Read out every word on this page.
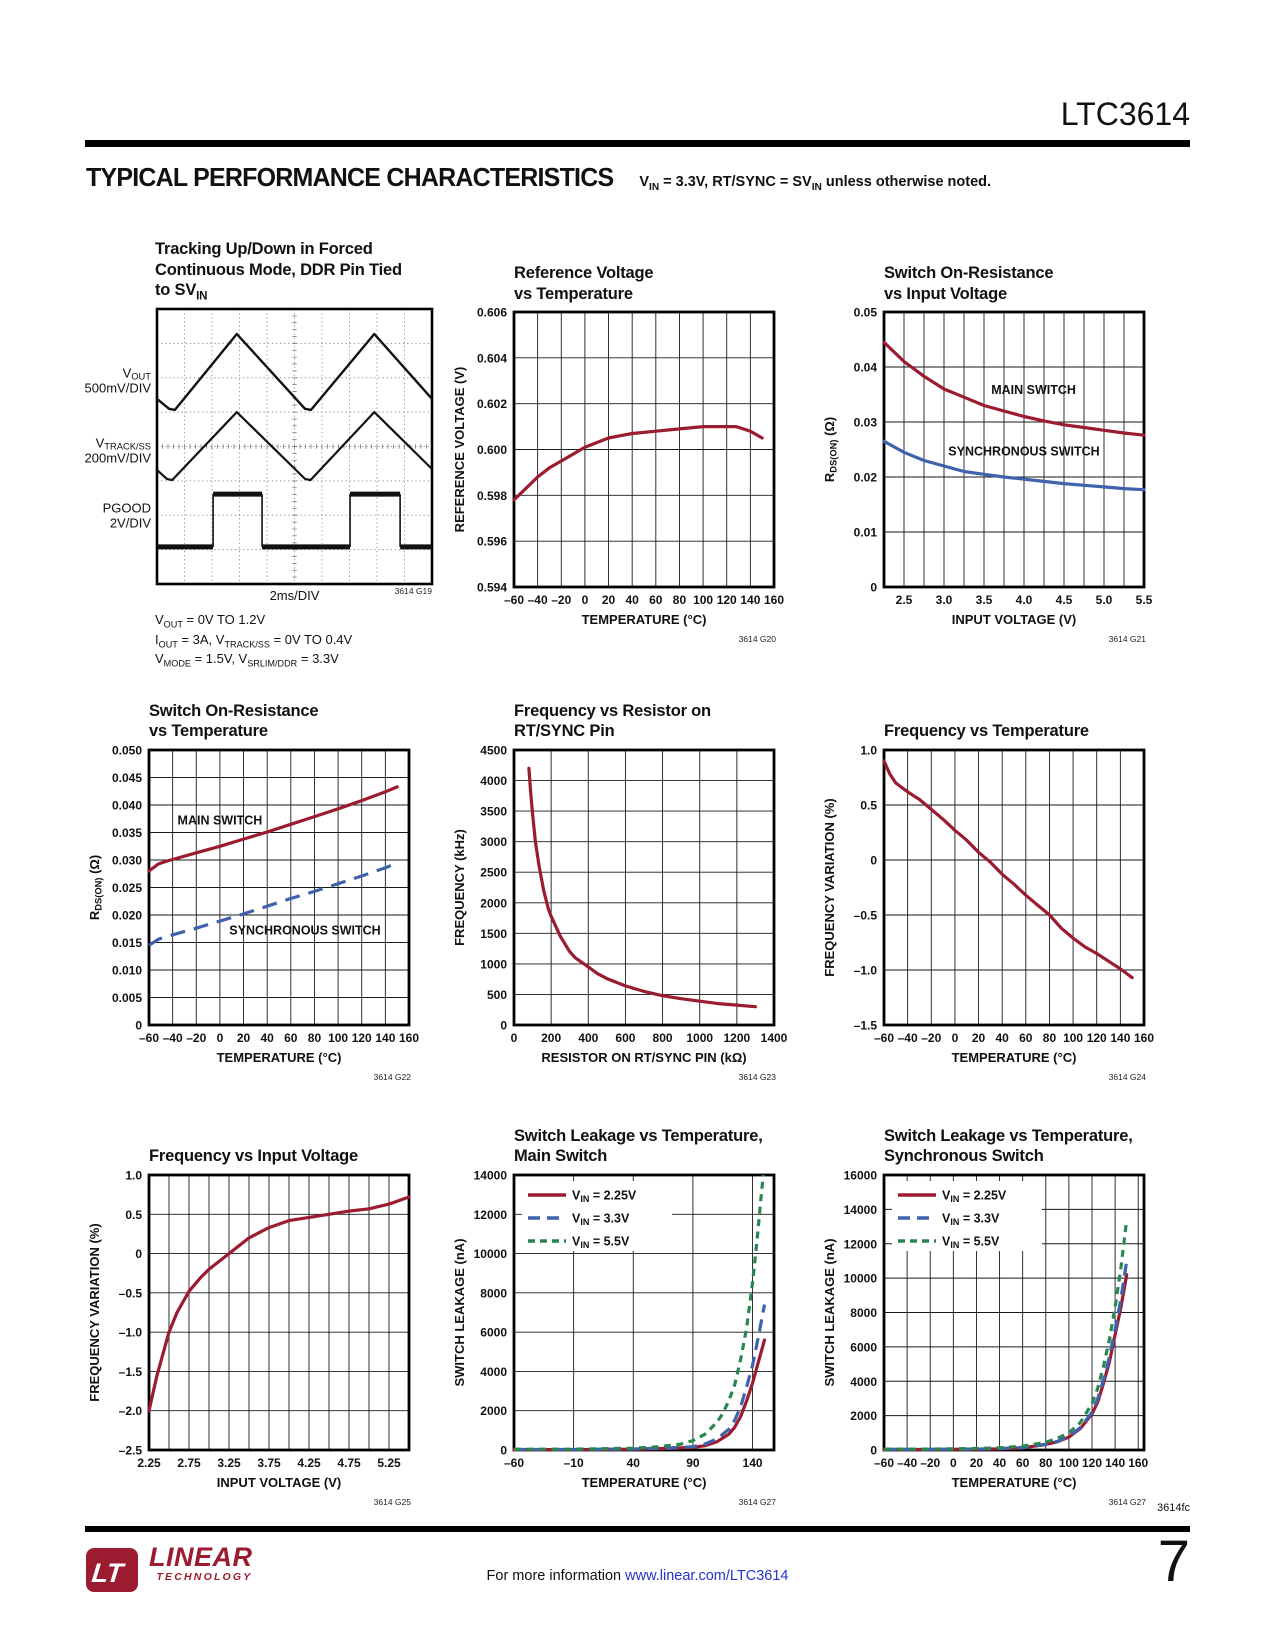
LTC3614
TYPICAL PERFORMANCE CHARACTERISTICS $V_{IN} = 3.3V$, RT/SYNC = $SV_{IN}$ unless otherwise noted.
Tracking Up/Down in Forced
Continuous Mode, DDR Pin Tied
to $SV_{IN}$
VOUT
500mV/DIV
VTRACK/SS
200mV/DIV
PGOOD
2V/DIV
2ms/DIV	3614 G19
$V_{OUT} = 0V$ TO 1.2V
$I_{OUT} = 3A$, $V_{TRACK/SS} = 0V$ TO 0.4V
$V_{MODE} = 1.5V$, $V_{SRLIM/DDR} = 3.3V$
Reference Voltage
vs Temperature
–60 –40 –20 0 20 40 60 80 100 120 140 160
0.594
0.596
0.598
0.600
0.602
0.604
0.606
TEMPERATURE (°C)
REFERENCE VOLTAGE (V)
3614 G20
Switch On-Resistance
vs Input Voltage
2.5 3.0 3.5 4.0 4.5 5.0 5.5
0
0.01
0.02
0.03
0.04
0.05
INPUT VOLTAGE (V)
RDS(ON) (Ω)
MAIN SWITCH
SYNCHRONOUS SWITCH
3614 G21
Switch On-Resistance
vs Temperature
–60 –40 –20 0 20 40 60 80 100 120 140 160
0
0.005
0.010
0.015
0.020
0.025
0.030
0.035
0.040
0.045
0.050
TEMPERATURE (°C)
RDS(ON) (Ω)
MAIN SWITCH
SYNCHRONOUS SWITCH
3614 G22
Frequency vs Resistor on
RT/SYNC Pin
0 200 400 600 800 1000 1200 1400
0
500
1000
1500
2000
2500
3000
3500
4000
4500
RESISTOR ON RT/SYNC PIN (kΩ)
FREQUENCY (kHz)
3614 G23
Frequency vs Temperature
–60 –40 –20 0 20 40 60 80 100 120 140 160
1.0
0.5
0
–0.5
–1.0
–1.5
TEMPERATURE (°C)
FREQUENCY VARIATION (%)
3614 G24
Frequency vs Input Voltage
2.25 2.75 3.25 3.75 4.25 4.75 5.25
1.0
0.5
0
–0.5
–1.0
–1.5
–2.0
–2.5
INPUT VOLTAGE (V)
FREQUENCY VARIATION (%)
3614 G25
Switch Leakage vs Temperature,
Main Switch
–60	–10	40	90	140
0
2000
4000
6000
8000
10000
12000
14000
TEMPERATURE (°C)
SWITCH LEAKAGE (nA)
VIN = 2.25V
VIN = 3.3V
VIN = 5.5V
3614 G27
Switch Leakage vs Temperature,
Synchronous Switch
–60 –40 –20 0 20 40 60 80 100 120 140 160
0
2000
4000
6000
8000
10000
12000
14000
16000
TEMPERATURE (°C)
SWITCH LEAKAGE (nA)
VIN = 2.25V
VIN = 3.3V
VIN = 5.5V
3614 G27
3614fc
LT
LINEAR
TECHNOLOGY	For more information www.linear.com/LTC3614	7
